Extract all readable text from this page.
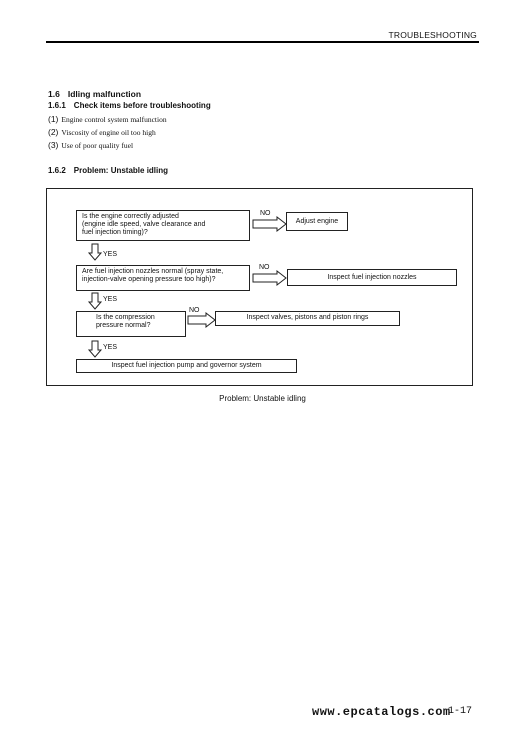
TROUBLESHOOTING
1.6 Idling malfunction
1.6.1 Check items before troubleshooting
(1) Engine control system malfunction
(2) Viscosity of engine oil too high
(3) Use of poor quality fuel
1.6.2 Problem: Unstable idling
Is the engine correctly adjusted
(engine idle speed, valve clearance and
fuel injection timing)?
NO
Adjust engine
YES
Are fuel injection nozzles normal (spray state,
injection-valve opening pressure too high)?
NO
Inspect fuel injection nozzles
YES
Is the compression
pressure normal?
NO
Inspect valves, pistons and piston rings
YES
Inspect fuel injection pump and governor system
Problem: Unstable idling
www.epcatalogs.com
1-17
